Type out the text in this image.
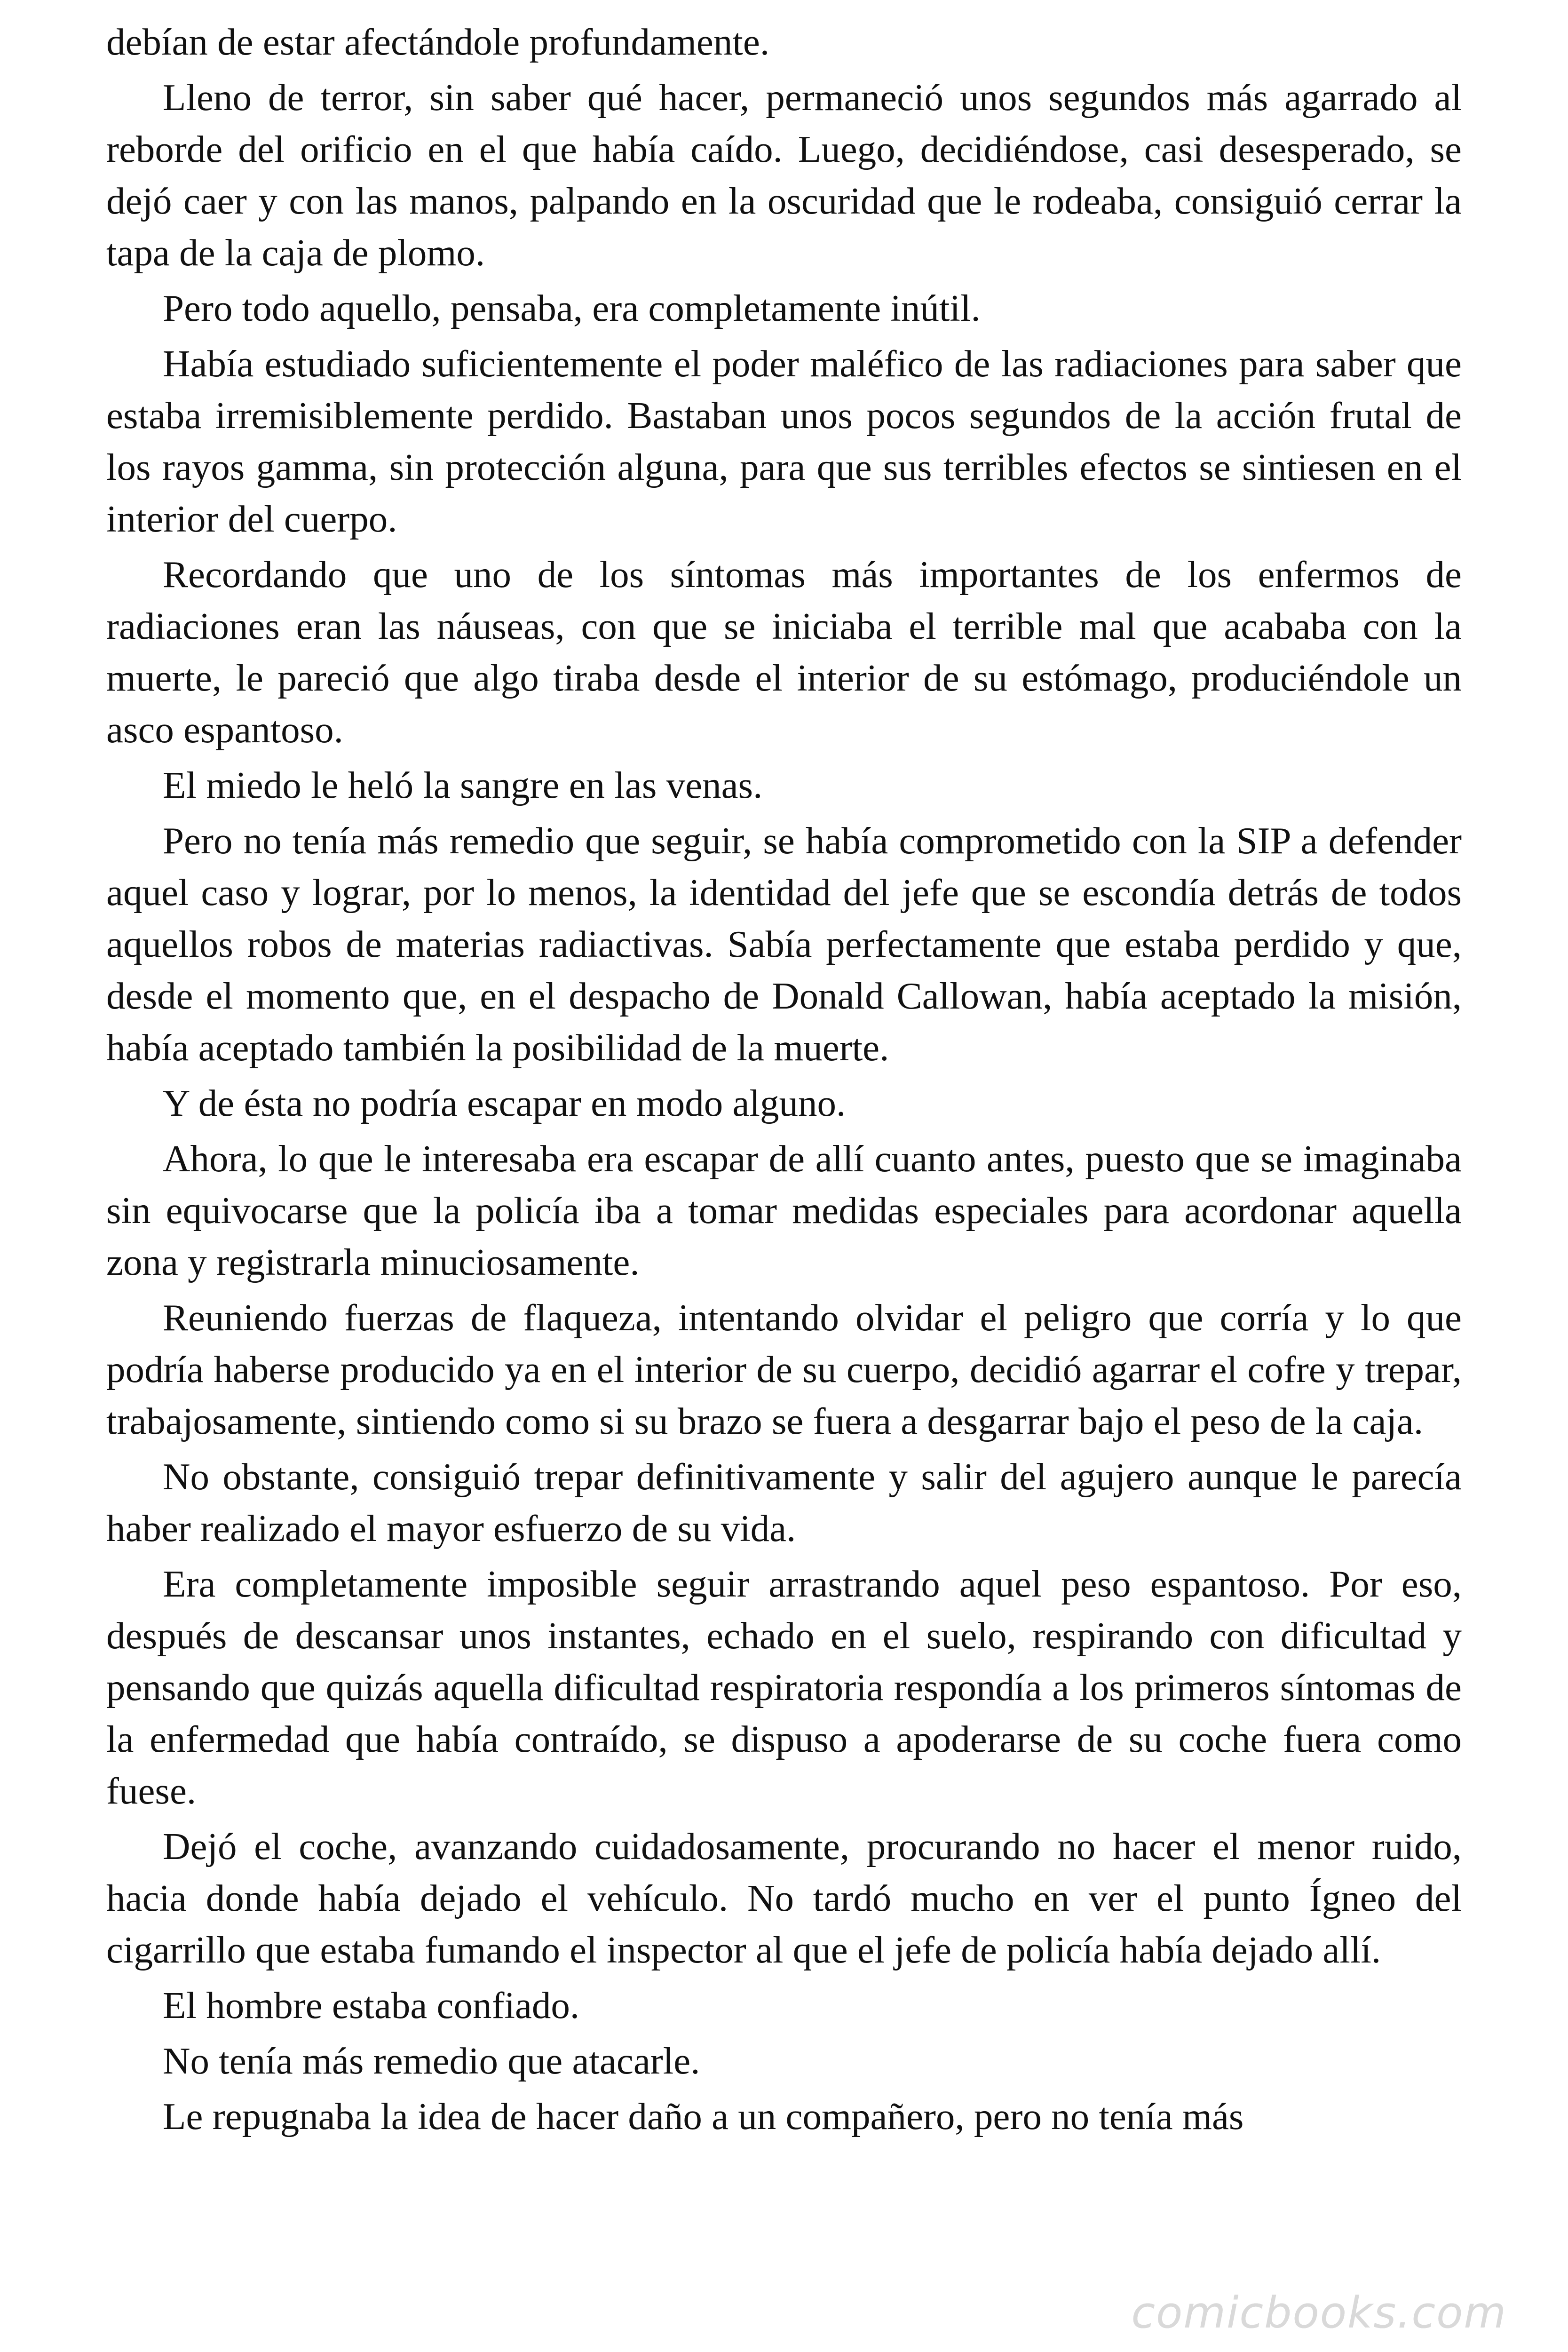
debían de estar afectándole profundamente.

Lleno de terror, sin saber qué hacer, permaneció unos segundos más agarrado al reborde del orificio en el que había caído. Luego, decidiéndose, casi desesperado, se dejó caer y con las manos, palpando en la oscuridad que le rodeaba, consiguió cerrar la tapa de la caja de plomo.

Pero todo aquello, pensaba, era completamente inútil.

Había estudiado suficientemente el poder maléfico de las radiaciones para saber que estaba irremisiblemente perdido. Bastaban unos pocos segundos de la acción frutal de los rayos gamma, sin protección alguna, para que sus terribles efectos se sintiesen en el interior del cuerpo.

Recordando que uno de los síntomas más importantes de los enfermos de radiaciones eran las náuseas, con que se iniciaba el terrible mal que acababa con la muerte, le pareció que algo tiraba desde el interior de su estómago, produciéndole un asco espantoso.

El miedo le heló la sangre en las venas.

Pero no tenía más remedio que seguir, se había comprometido con la SIP a defender aquel caso y lograr, por lo menos, la identidad del jefe que se escondía detrás de todos aquellos robos de materias radiactivas. Sabía perfectamente que estaba perdido y que, desde el momento que, en el despacho de Donald Callowan, había aceptado la misión, había aceptado también la posibilidad de la muerte.

Y de ésta no podría escapar en modo alguno.

Ahora, lo que le interesaba era escapar de allí cuanto antes, puesto que se imaginaba sin equivocarse que la policía iba a tomar medidas especiales para acordonar aquella zona y registrarla minuciosamente.

Reuniendo fuerzas de flaqueza, intentando olvidar el peligro que corría y lo que podría haberse producido ya en el interior de su cuerpo, decidió agarrar el cofre y trepar, trabajosamente, sintiendo como si su brazo se fuera a desgarrar bajo el peso de la caja.

No obstante, consiguió trepar definitivamente y salir del agujero aunque le parecía haber realizado el mayor esfuerzo de su vida.

Era completamente imposible seguir arrastrando aquel peso espantoso. Por eso, después de descansar unos instantes, echado en el suelo, respirando con dificultad y pensando que quizás aquella dificultad respiratoria respondía a los primeros síntomas de la enfermedad que había contraído, se dispuso a apoderarse de su coche fuera como fuese.

Dejó el coche, avanzando cuidadosamente, procurando no hacer el menor ruido, hacia donde había dejado el vehículo. No tardó mucho en ver el punto Ígneo del cigarrillo que estaba fumando el inspector al que el jefe de policía había dejado allí.

El hombre estaba confiado.

No tenía más remedio que atacarle.

Le repugnaba la idea de hacer daño a un compañero, pero no tenía más

comicbooks.com
